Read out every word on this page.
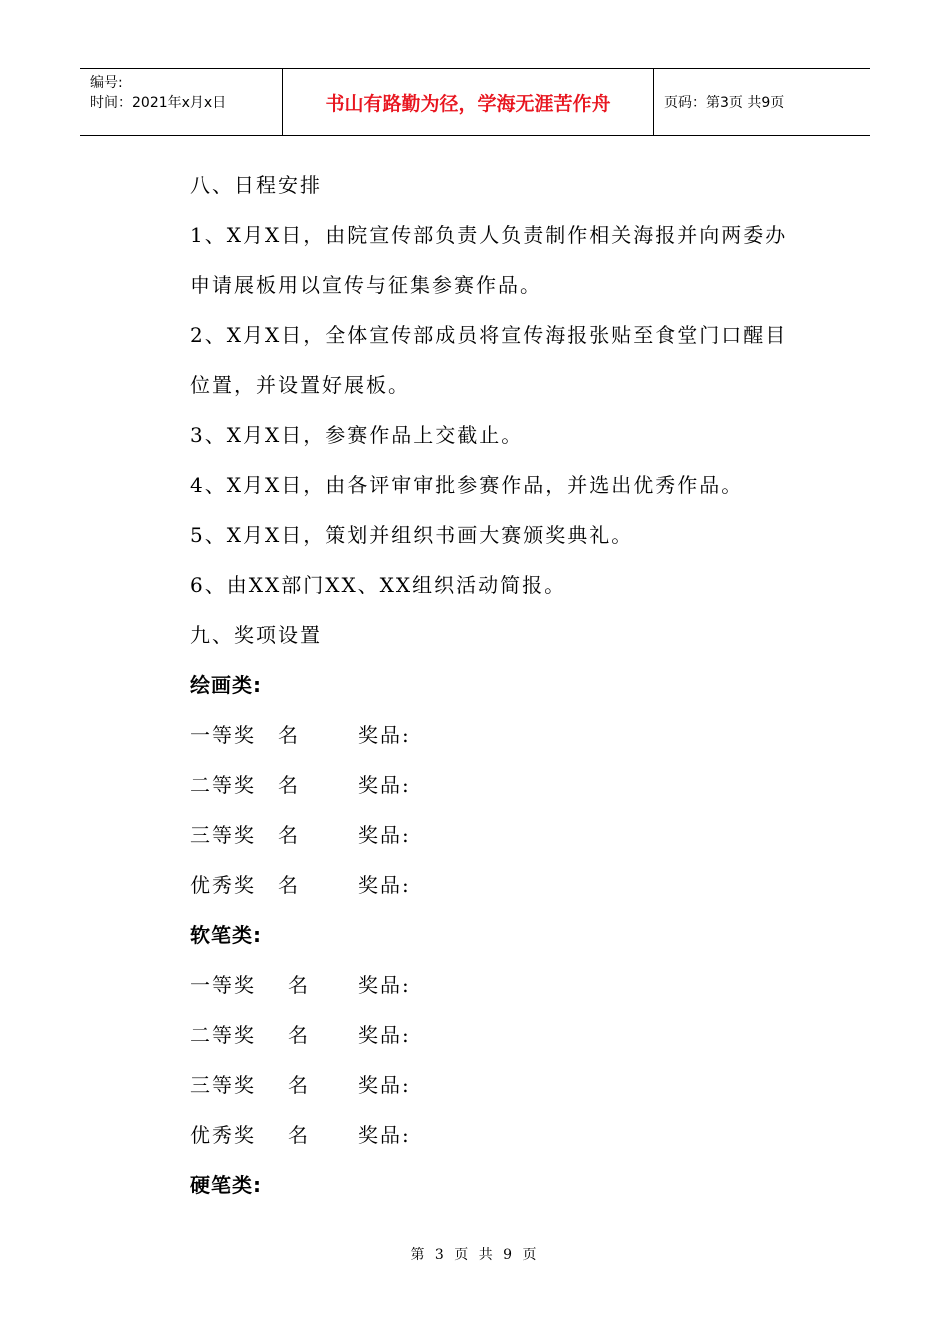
编号:
时间：2021年x月x日	书山有路勤为径，学海无涯苦作舟	页码：第3页 共9页
八、日程安排
1、X月X日，由院宣传部负责人负责制作相关海报并向两委办
申请展板用以宣传与征集参赛作品。
2、X月X日，全体宣传部成员将宣传海报张贴至食堂门口醒目
位置，并设置好展板。
3、X月X日，参赛作品上交截止。
4、X月X日，由各评审审批参赛作品，并选出优秀作品。
5、X月X日，策划并组织书画大赛颁奖典礼。
6、由XX部门XX、XX组织活动简报。
九、奖项设置
绘画类:
一等奖 名	奖品:
二等奖 名	奖品:
三等奖 名	奖品:
优秀奖 名	奖品:
软笔类:
一等奖 名 奖品:
二等奖 名 奖品:
三等奖 名 奖品:
优秀奖 名 奖品:
硬笔类:
第 3 页 共 9 页
